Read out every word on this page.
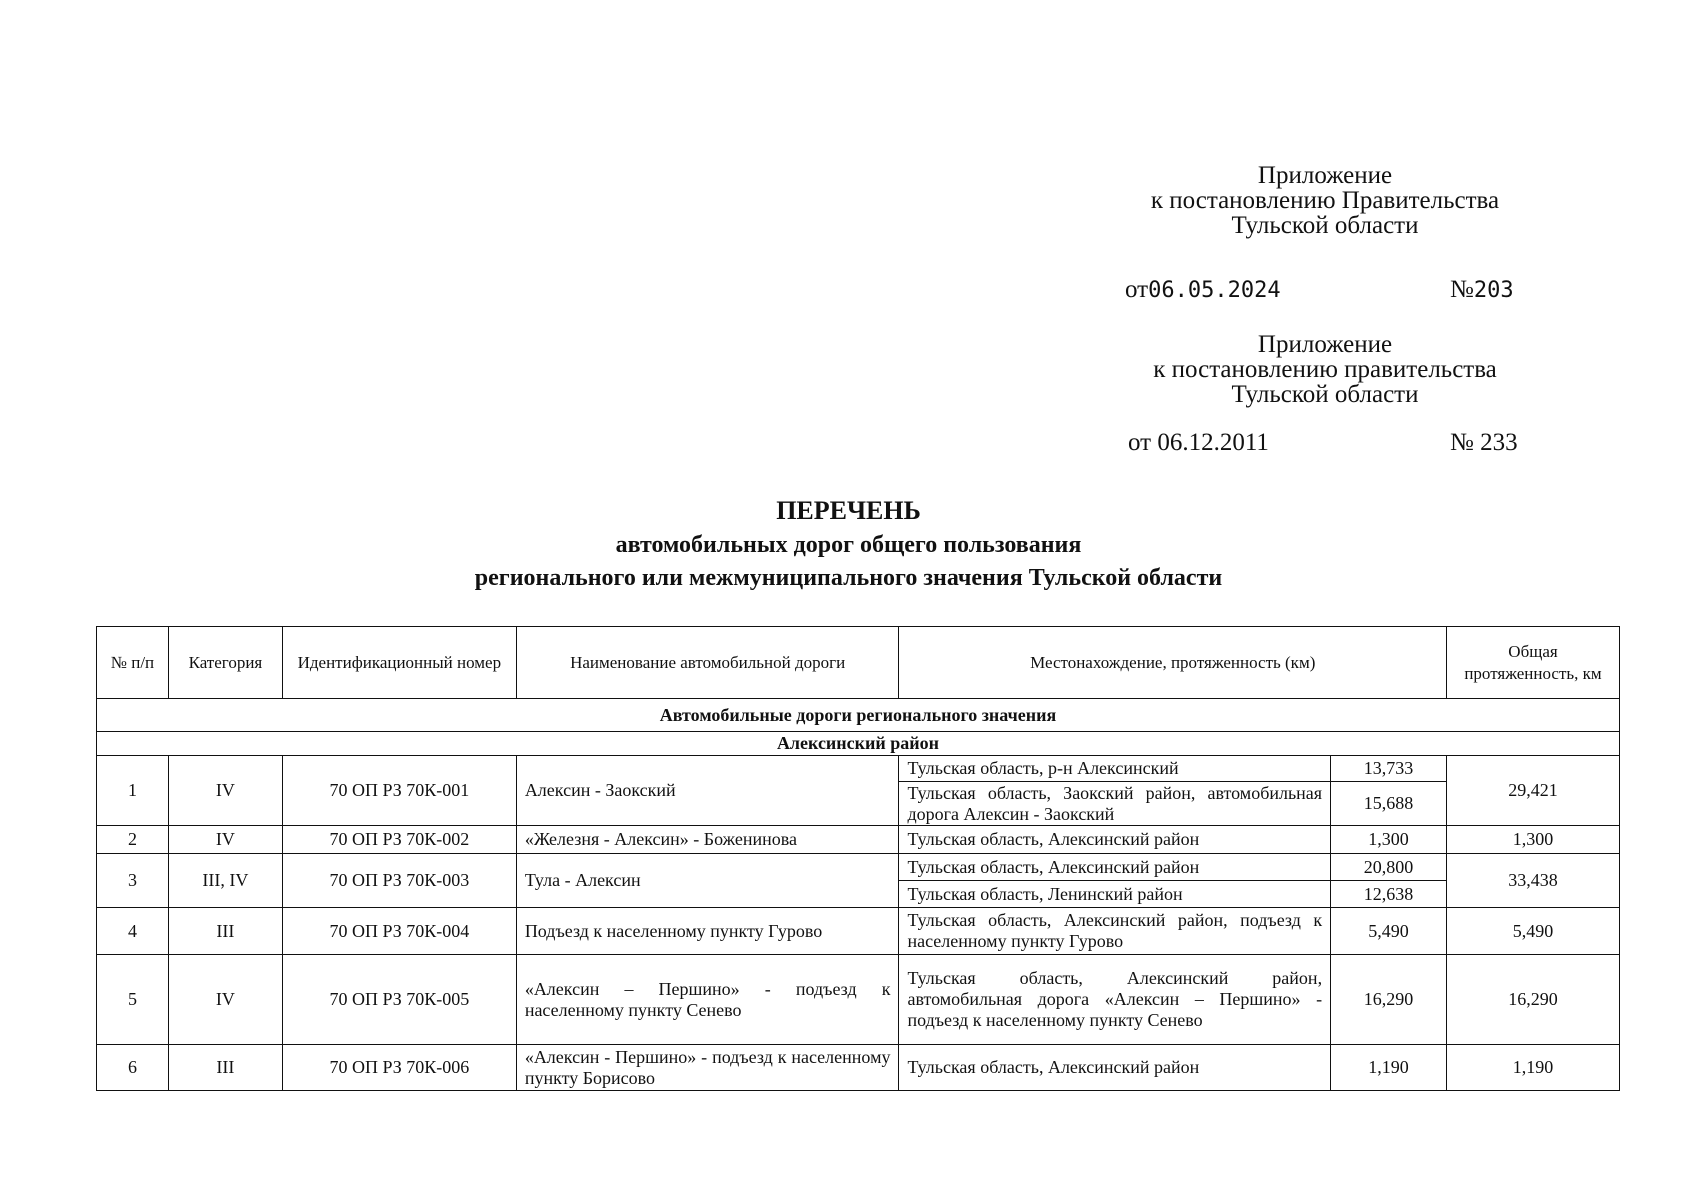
Приложение
к постановлению Правительства
Тульской области
от06.05.2024	№203
Приложение
к постановлению правительства
Тульской области
от 06.12.2011	№ 233
ПЕРЕЧЕНЬ
автомобильных дорог общего пользования
регионального или межмуниципального значения Тульской области
№ п/п	Категория	Идентификационный номер	Наименование автомобильной дороги	Местонахождение, протяженность (км)		Общая протяженность, км
Автомобильные дороги регионального значения						
Алексинский район						
1	IV	70 ОП РЗ 70К-001	Алексин - Заокский	Тульская область, р-н Алексинский	13,733	29,421
				Тульская область, Заокский район, автомобильная дорога Алексин - Заокский	15,688	
2	IV	70 ОП РЗ 70К-002	«Железня - Алексин» - Боженинова	Тульская область, Алексинский район	1,300	1,300
3	III, IV	70 ОП РЗ 70К-003	Тула - Алексин	Тульская область, Алексинский район	20,800	33,438
				Тульская область, Ленинский район	12,638	
4	III	70 ОП РЗ 70К-004	Подъезд к населенному пункту Гурово	Тульская область, Алексинский район, подъезд к населенному пункту Гурово	5,490	5,490
5	IV	70 ОП РЗ 70К-005	«Алексин – Першино» - подъезд к населенному пункту Сенево	Тульская область, Алексинский район, автомобильная дорога «Алексин – Першино» - подъезд к населенному пункту Сенево	16,290	16,290
6	III	70 ОП РЗ 70К-006	«Алексин - Першино» - подъезд к населенному пункту Борисово	Тульская область, Алексинский район	1,190	1,190
